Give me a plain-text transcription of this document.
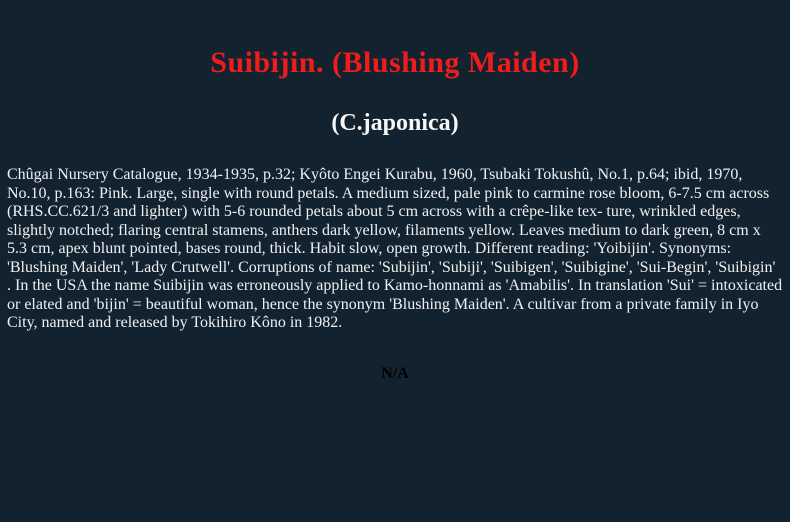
Suibijin. (Blushing Maiden)
(C.japonica)

Chûgai Nursery Catalogue, 1934-1935, p.32; Kyôto Engei Kurabu, 1960, Tsubaki Tokushû, No.1, p.64; ibid, 1970, No.10, p.163: Pink. Large, single with round petals. A medium sized, pale pink to carmine rose bloom, 6-7.5 cm across (RHS.CC.621/3 and lighter) with 5-6 rounded petals about 5 cm across with a crêpe-like tex- ture, wrinkled edges, slightly notched; flaring central stamens, anthers dark yellow, filaments yellow. Leaves medium to dark green, 8 cm x 5.3 cm, apex blunt pointed, bases round, thick. Habit slow, open growth. Different reading: 'Yoibijin'. Synonyms: 'Blushing Maiden', 'Lady Crutwell'. Corruptions of name: 'Subijin', 'Subiji', 'Suibigen', 'Suibigine', 'Sui-Begin', 'Suibigin' . In the USA the name Suibijin was erroneously applied to Kamo-honnami as 'Amabilis'. In translation 'Sui' = intoxicated or elated and 'bijin' = beautiful woman, hence the synonym 'Blushing Maiden'. A cultivar from a private family in Iyo City, named and released by Tokihiro Kôno in 1982.

N/A
